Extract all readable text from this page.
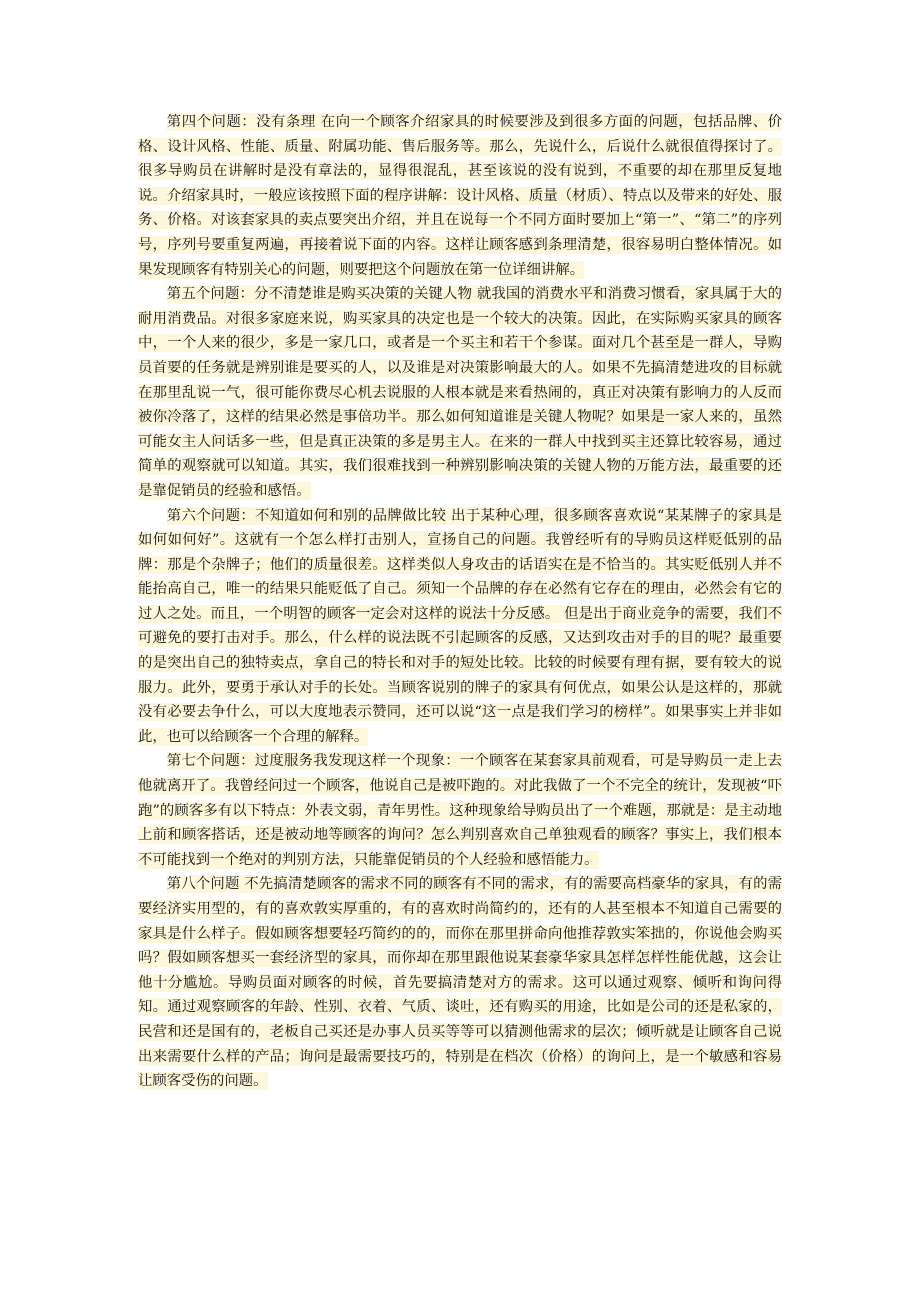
第四个问题：没有条理 在向一个顾客介绍家具的时候要涉及到很多方面的问题，包括品牌、价格、设计风格、性能、质量、附属功能、售后服务等。那么，先说什么，后说什么就很值得探讨了。很多导购员在讲解时是没有章法的，显得很混乱，甚至该说的没有说到，不重要的却在那里反复地说。介绍家具时，一般应该按照下面的程序讲解：设计风格、质量（材质）、特点以及带来的好处、服务、价格。对该套家具的卖点要突出介绍，并且在说每一个不同方面时要加上“第一”、“第二”的序列号，序列号要重复两遍，再接着说下面的内容。这样让顾客感到条理清楚，很容易明白整体情况。如果发现顾客有特别关心的问题，则要把这个问题放在第一位详细讲解。

第五个问题：分不清楚谁是购买决策的关键人物 就我国的消费水平和消费习惯看，家具属于大的耐用消费品。对很多家庭来说，购买家具的决定也是一个较大的决策。因此，在实际购买家具的顾客中，一个人来的很少，多是一家几口，或者是一个买主和若干个参谋。面对几个甚至是一群人，导购员首要的任务就是辨别谁是要买的人，以及谁是对决策影响最大的人。如果不先搞清楚进攻的目标就在那里乱说一气，很可能你费尽心机去说服的人根本就是来看热闹的，真正对决策有影响力的人反而被你冷落了，这样的结果必然是事倍功半。那么如何知道谁是关键人物呢？如果是一家人来的，虽然可能女主人问话多一些，但是真正决策的多是男主人。在来的一群人中找到买主还算比较容易，通过简单的观察就可以知道。其实，我们很难找到一种辨别影响决策的关键人物的万能方法，最重要的还是靠促销员的经验和感悟。

第六个问题：不知道如何和别的品牌做比较 出于某种心理，很多顾客喜欢说“某某牌子的家具是如何如何好”。这就有一个怎么样打击别人，宣扬自己的问题。我曾经听有的导购员这样贬低别的品牌：那是个杂牌子；他们的质量很差。这样类似人身攻击的话语实在是不恰当的。其实贬低别人并不能抬高自己，唯一的结果只能贬低了自己。须知一个品牌的存在必然有它存在的理由，必然会有它的过人之处。而且，一个明智的顾客一定会对这样的说法十分反感。 但是出于商业竞争的需要，我们不可避免的要打击对手。那么，什么样的说法既不引起顾客的反感，又达到攻击对手的目的呢？最重要的是突出自己的独特卖点，拿自己的特长和对手的短处比较。比较的时候要有理有据，要有较大的说服力。此外，要勇于承认对手的长处。当顾客说别的牌子的家具有何优点，如果公认是这样的，那就没有必要去争什么，可以大度地表示赞同，还可以说“这一点是我们学习的榜样”。如果事实上并非如此，也可以给顾客一个合理的解释。

第七个问题：过度服务我发现这样一个现象：一个顾客在某套家具前观看，可是导购员一走上去他就离开了。我曾经问过一个顾客，他说自己是被吓跑的。对此我做了一个不完全的统计，发现被“吓跑”的顾客多有以下特点：外表文弱，青年男性。这种现象给导购员出了一个难题，那就是：是主动地上前和顾客搭话，还是被动地等顾客的询问？怎么判别喜欢自己单独观看的顾客？事实上，我们根本不可能找到一个绝对的判别方法，只能靠促销员的个人经验和感悟能力。

第八个问题 不先搞清楚顾客的需求不同的顾客有不同的需求，有的需要高档豪华的家具，有的需要经济实用型的，有的喜欢敦实厚重的，有的喜欢时尚简约的，还有的人甚至根本不知道自己需要的家具是什么样子。假如顾客想要轻巧简约的的，而你在那里拼命向他推荐敦实笨拙的，你说他会购买吗？假如顾客想买一套经济型的家具，而你却在那里跟他说某套豪华家具怎样怎样性能优越，这会让他十分尴尬。导购员面对顾客的时候，首先要搞清楚对方的需求。这可以通过观察、倾听和询问得知。通过观察顾客的年龄、性别、衣着、气质、谈吐，还有购买的用途，比如是公司的还是私家的，民营和还是国有的，老板自己买还是办事人员买等等可以猜测他需求的层次；倾听就是让顾客自己说出来需要什么样的产品；询问是最需要技巧的，特别是在档次（价格）的询问上，是一个敏感和容易让顾客受伤的问题。
